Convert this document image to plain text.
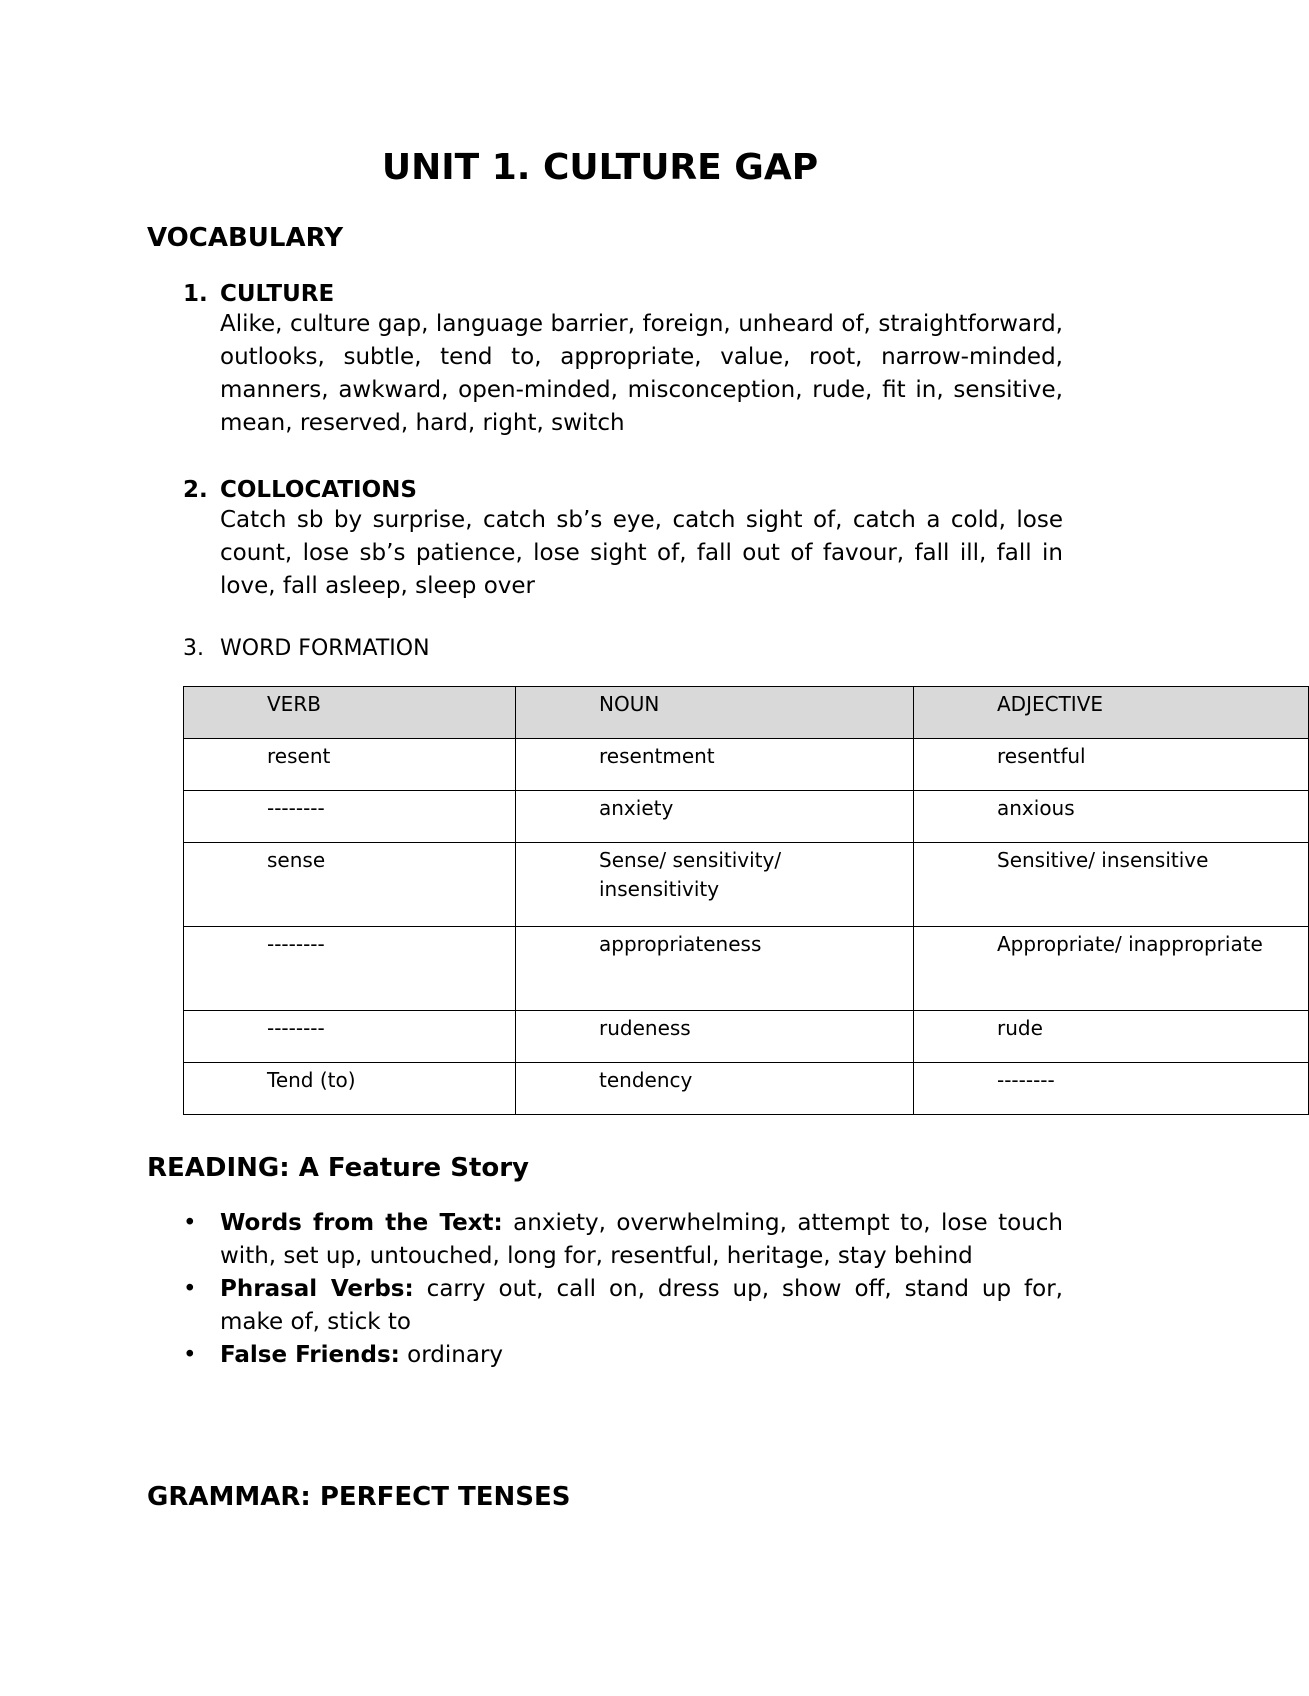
UNIT 1. CULTURE GAP
VOCABULARY
1. CULTURE
Alike, culture gap, language barrier, foreign, unheard of, straightforward, outlooks, subtle, tend to, appropriate, value, root, narrow-minded, manners, awkward, open-minded, misconception, rude, fit in, sensitive, mean, reserved, hard, right, switch
2. COLLOCATIONS
Catch sb by surprise, catch sb’s eye, catch sight of, catch a cold, lose count, lose sb’s patience, lose sight of, fall out of favour, fall ill, fall in love, fall asleep, sleep over
3. WORD FORMATION
VERB	NOUN	ADJECTIVE
resent	resentment	resentful
--------	anxiety	anxious
sense	Sense/ sensitivity/ insensitivity	Sensitive/ insensitive
--------	appropriateness	Appropriate/ inappropriate
--------	rudeness	rude
Tend (to)	tendency	--------
READING: A Feature Story
• Words from the Text: anxiety, overwhelming, attempt to, lose touch with, set up, untouched, long for, resentful, heritage, stay behind
• Phrasal Verbs: carry out, call on, dress up, show off, stand up for, make of, stick to
• False Friends: ordinary
GRAMMAR: PERFECT TENSES
